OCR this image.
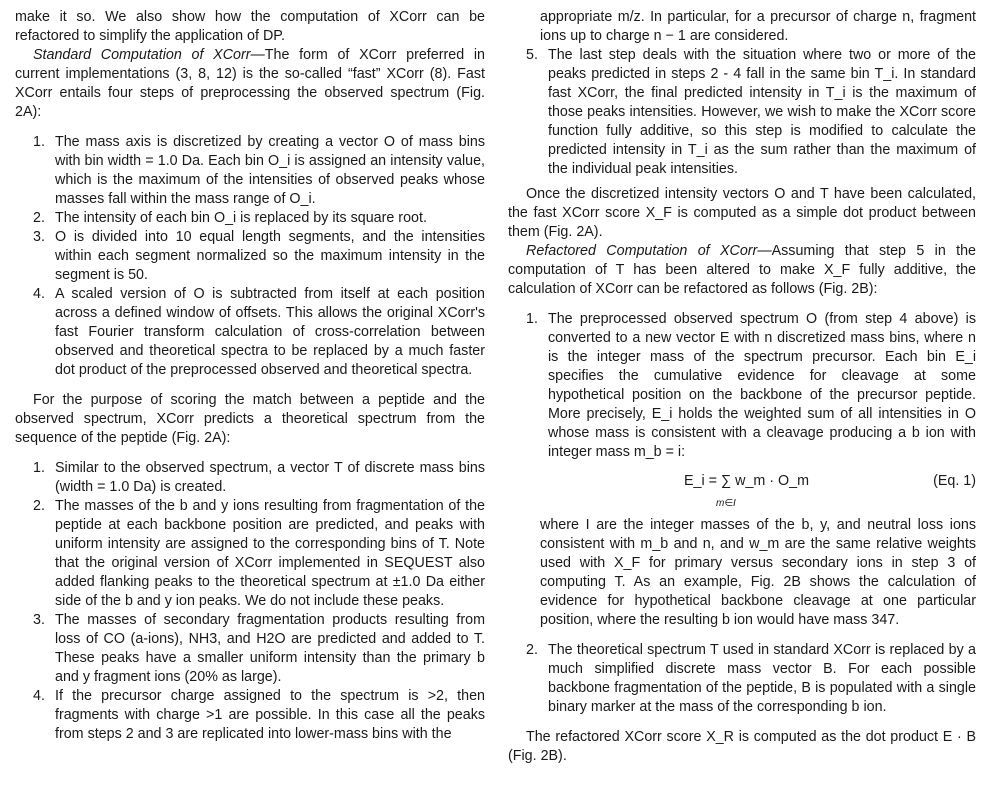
make it so. We also show how the computation of XCorr can be refactored to simplify the application of DP.

Standard Computation of XCorr—The form of XCorr preferred in current implementations (3, 8, 12) is the so-called “fast” XCorr (8). Fast XCorr entails four steps of preprocessing the observed spectrum (Fig. 2A):

1. The mass axis is discretized by creating a vector O of mass bins with bin width = 1.0 Da. Each bin O_i is assigned an intensity value, which is the maximum of the intensities of observed peaks whose masses fall within the mass range of O_i.
2. The intensity of each bin O_i is replaced by its square root.
3. O is divided into 10 equal length segments, and the intensities within each segment normalized so the maximum intensity in the segment is 50.
4. A scaled version of O is subtracted from itself at each position across a defined window of offsets. This allows the original XCorr's fast Fourier transform calculation of cross-correlation between observed and theoretical spectra to be replaced by a much faster dot product of the preprocessed observed and theoretical spectra.

For the purpose of scoring the match between a peptide and the observed spectrum, XCorr predicts a theoretical spectrum from the sequence of the peptide (Fig. 2A):

1. Similar to the observed spectrum, a vector T of discrete mass bins (width = 1.0 Da) is created.
2. The masses of the b and y ions resulting from fragmentation of the peptide at each backbone position are predicted, and peaks with uniform intensity are assigned to the corresponding bins of T. Note that the original version of XCorr implemented in SEQUEST also added flanking peaks to the theoretical spectrum at ±1.0 Da either side of the b and y ion peaks. We do not include these peaks.
3. The masses of secondary fragmentation products resulting from loss of CO (a-ions), NH3, and H2O are predicted and added to T. These peaks have a smaller uniform intensity than the primary b and y fragment ions (20% as large).
4. If the precursor charge assigned to the spectrum is >2, then fragments with charge >1 are possible. In this case all the peaks from steps 2 and 3 are replicated into lower-mass bins with the

appropriate m/z. In particular, for a precursor of charge n, fragment ions up to charge n − 1 are considered.

5. The last step deals with the situation where two or more of the peaks predicted in steps 2 - 4 fall in the same bin T_i. In standard fast XCorr, the final predicted intensity in T_i is the maximum of those peaks intensities. However, we wish to make the XCorr score function fully additive, so this step is modified to calculate the predicted intensity in T_i as the sum rather than the maximum of the individual peak intensities.

Once the discretized intensity vectors O and T have been calculated, the fast XCorr score X_F is computed as a simple dot product between them (Fig. 2A).

Refactored Computation of XCorr—Assuming that step 5 in the computation of T has been altered to make X_F fully additive, the calculation of XCorr can be refactored as follows (Fig. 2B):

1. The preprocessed observed spectrum O (from step 4 above) is converted to a new vector E with n discretized mass bins, where n is the integer mass of the spectrum precursor. Each bin E_i specifies the cumulative evidence for cleavage at some hypothetical position on the backbone of the precursor peptide. More precisely, E_i holds the weighted sum of all intensities in O whose mass is consistent with a cleavage producing a b ion with integer mass m_b = i:
E_i = ∑ w_m · O_m
m∈I
(Eq. 1)

where I are the integer masses of the b, y, and neutral loss ions consistent with m_b and n, and w_m are the same relative weights used with X_F for primary versus secondary ions in step 3 of computing T. As an example, Fig. 2B shows the calculation of evidence for hypothetical backbone cleavage at one particular position, where the resulting b ion would have mass 347.

2. The theoretical spectrum T used in standard XCorr is replaced by a much simplified discrete mass vector B. For each possible backbone fragmentation of the peptide, B is populated with a single binary marker at the mass of the corresponding b ion.

The refactored XCorr score X_R is computed as the dot product E · B (Fig. 2B).
